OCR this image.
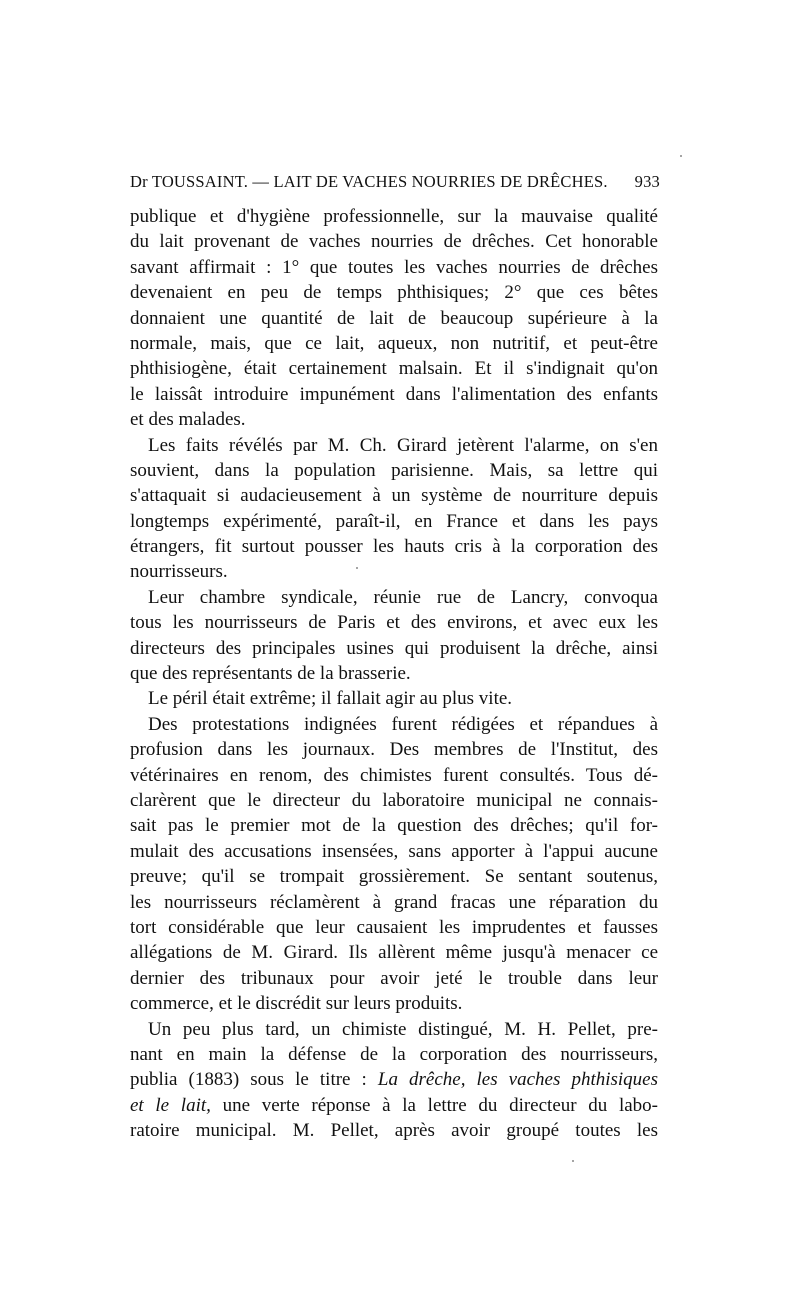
Dr TOUSSAINT. — LAIT DE VACHES NOURRIES DE DRÊCHES.	933
publique et d'hygiène professionnelle, sur la mauvaise qualité
du lait provenant de vaches nourries de drêches. Cet honorable
savant affirmait : 1° que toutes les vaches nourries de drêches
devenaient en peu de temps phthisiques; 2° que ces bêtes
donnaient une quantité de lait de beaucoup supérieure à la
normale, mais, que ce lait, aqueux, non nutritif, et peut-être
phthisiogène, était certainement malsain. Et il s'indignait qu'on
le laissât introduire impunément dans l'alimentation des enfants
et des malades.
Les faits révélés par M. Ch. Girard jetèrent l'alarme, on s'en
souvient, dans la population parisienne. Mais, sa lettre qui
s'attaquait si audacieusement à un système de nourriture depuis
longtemps expérimenté, paraît-il, en France et dans les pays
étrangers, fit surtout pousser les hauts cris à la corporation des
nourrisseurs.
Leur chambre syndicale, réunie rue de Lancry, convoqua
tous les nourrisseurs de Paris et des environs, et avec eux les
directeurs des principales usines qui produisent la drêche, ainsi
que des représentants de la brasserie.
Le péril était extrême; il fallait agir au plus vite.
Des protestations indignées furent rédigées et répandues à
profusion dans les journaux. Des membres de l'Institut, des
vétérinaires en renom, des chimistes furent consultés. Tous dé-
clarèrent que le directeur du laboratoire municipal ne connais-
sait pas le premier mot de la question des drêches; qu'il for-
mulait des accusations insensées, sans apporter à l'appui aucune
preuve; qu'il se trompait grossièrement. Se sentant soutenus,
les nourrisseurs réclamèrent à grand fracas une réparation du
tort considérable que leur causaient les imprudentes et fausses
allégations de M. Girard. Ils allèrent même jusqu'à menacer ce
dernier des tribunaux pour avoir jeté le trouble dans leur
commerce, et le discrédit sur leurs produits.
Un peu plus tard, un chimiste distingué, M. H. Pellet, pre-
nant en main la défense de la corporation des nourrisseurs,
publia (1883) sous le titre : La drêche, les vaches phthisiques
et le lait, une verte réponse à la lettre du directeur du labo-
ratoire municipal. M. Pellet, après avoir groupé toutes les
